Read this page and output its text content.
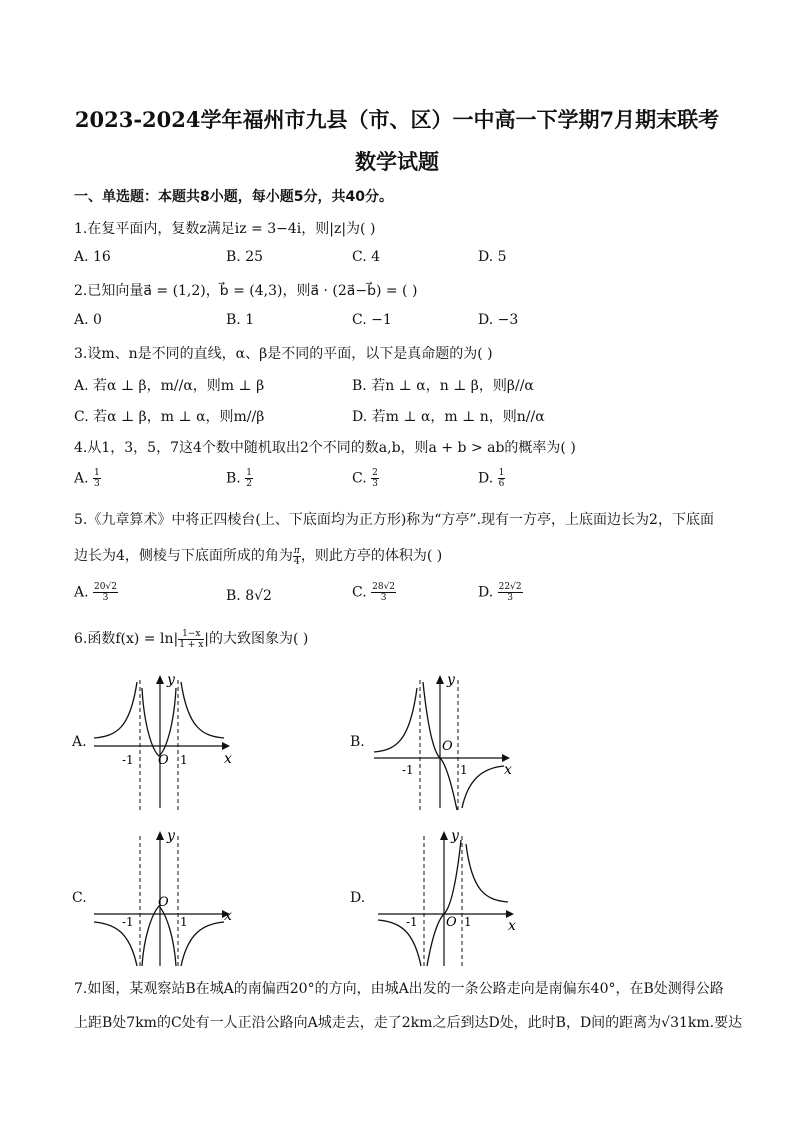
2023-2024学年福州市九县（市、区）一中高一下学期7月期末联考
数学试题
一、单选题：本题共8小题，每小题5分，共40分。
1.在复平面内，复数z满足iz = 3−4i，则|z|为( )
A. 16	B. 25	C. 4	D. 5
2.已知向量a⃗ = (1,2)，b⃗ = (4,3)，则a⃗ · (2a⃗−b⃗) = ( )
A. 0	B. 1	C. −1	D. −3
3.设m、n是不同的直线，α、β是不同的平面，以下是真命题的为( )
A. 若α ⊥ β，m//α，则m ⊥ β	B. 若n ⊥ α，n ⊥ β，则β//α
C. 若α ⊥ β，m ⊥ α，则m//β	D. 若m ⊥ α，m ⊥ n，则n//α
4.从1，3，5，7这4个数中随机取出2个不同的数a,b，则a + b > ab的概率为( )
A. $\frac{1}{3}$	B. $\frac{1}{2}$	C. $\frac{2}{3}$	D. $\frac{1}{6}$
5.《九章算术》中将正四棱台(上、下底面均为正方形)称为“方亭”.现有一方亭，上底面边长为2，下底面
边长为4，侧棱与下底面所成的角为 $\frac{\pi}{4}$ ，则此方亭的体积为( )
A. $\frac{20√2}{3}$	B. 8√2	C. $\frac{28√2}{3}$	D. $\frac{22√2}{3}$
6.函数$f(x) = \ln| \frac{1-x}{1 + x}$ |的大致图象为( )
A.
y
x
O
-1	1
B.
y
x
O
-1	1
C.
y
x
O
-1	1
D.
y
x
O
-1	1
7.如图，某观察站B在城A的南偏西20°的方向，由城A出发的一条公路走向是南偏东40°，在B处测得公路
上距B处7km的C处有一人正沿公路向A城走去，走了2km之后到达D处，此时B，D间的距离为√31km.要达
